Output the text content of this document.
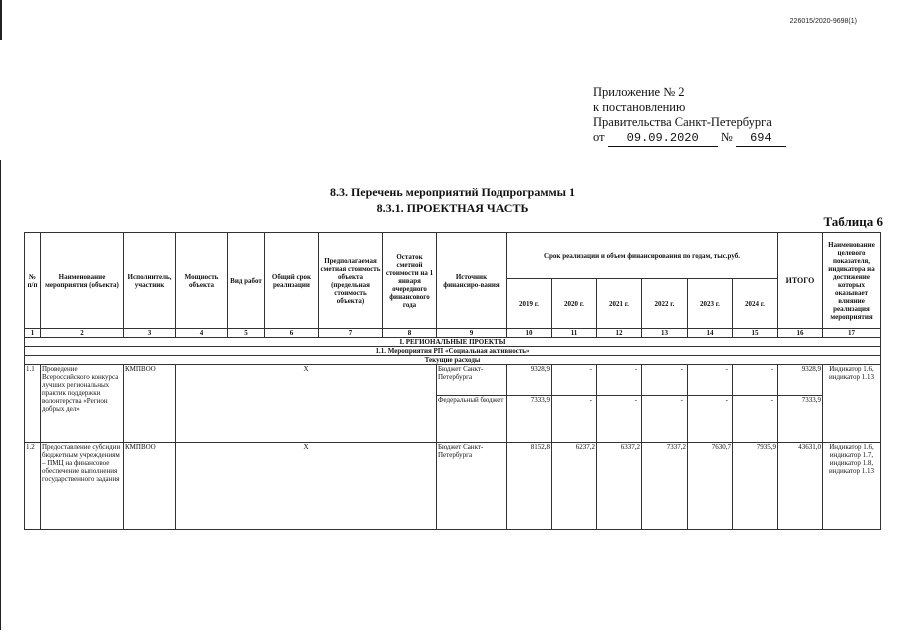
226015/2020-9698(1)
Приложение № 2
к постановлению
Правительства Санкт-Петербурга
от 09.09.2020 № 694
8.3. Перечень мероприятий Подпрограммы 1
8.3.1. ПРОЕКТНАЯ ЧАСТЬ
Таблица 6
№ п/п	Наименование мероприятия (объекта)	Исполнитель, участник	Мощность объекта	Вид работ	Общий срок реализации	Предполагаемая сметная стоимость объекта (предельная стоимость объекта)	Остаток сметной стоимости на 1 января очередного финансового года	Источник финансиро-вания	Срок реализации и объем финансирования по годам, тыс.руб.						ИТОГО	Наименование целевого показателя, индикатора на достижение которых оказывает влияние реализация мероприятия
									2019 г.	2020 г.	2021 г.	2022 г.	2023 г.	2024 г.		
1	2	3	4	5	6	7	8	9	10	11	12	13	14	15	16	17
I. РЕГИОНАЛЬНЫЕ ПРОЕКТЫ																
1.1. Мероприятия РП «Социальная активность»																
Текущие расходы																
1.1	Проведение Всероссийского конкурса лучших региональных практик поддержки волонтерства «Регион добрых дел»	КМПВОО	Х					Бюджет Санкт-Петербурга	9328,9	-	-	-	-	-	9328,9	Индикатор 1.6, индикатор 1.13
								Федеральный бюджет	7333,9	-	-	-	-	-	7333,9	
1.2	Предоставление субсидии бюджетным учреждениям – ПМЦ на финансовое обеспечение выполнения государственного задания	КМПВОО	Х					Бюджет Санкт-Петербурга	8152,8	6237,2	6337,2	7337,2	7630,7	7935,9	43631,0	Индикатор 1.6, индикатор 1.7, индикатор 1.8, индикатор 1.13
